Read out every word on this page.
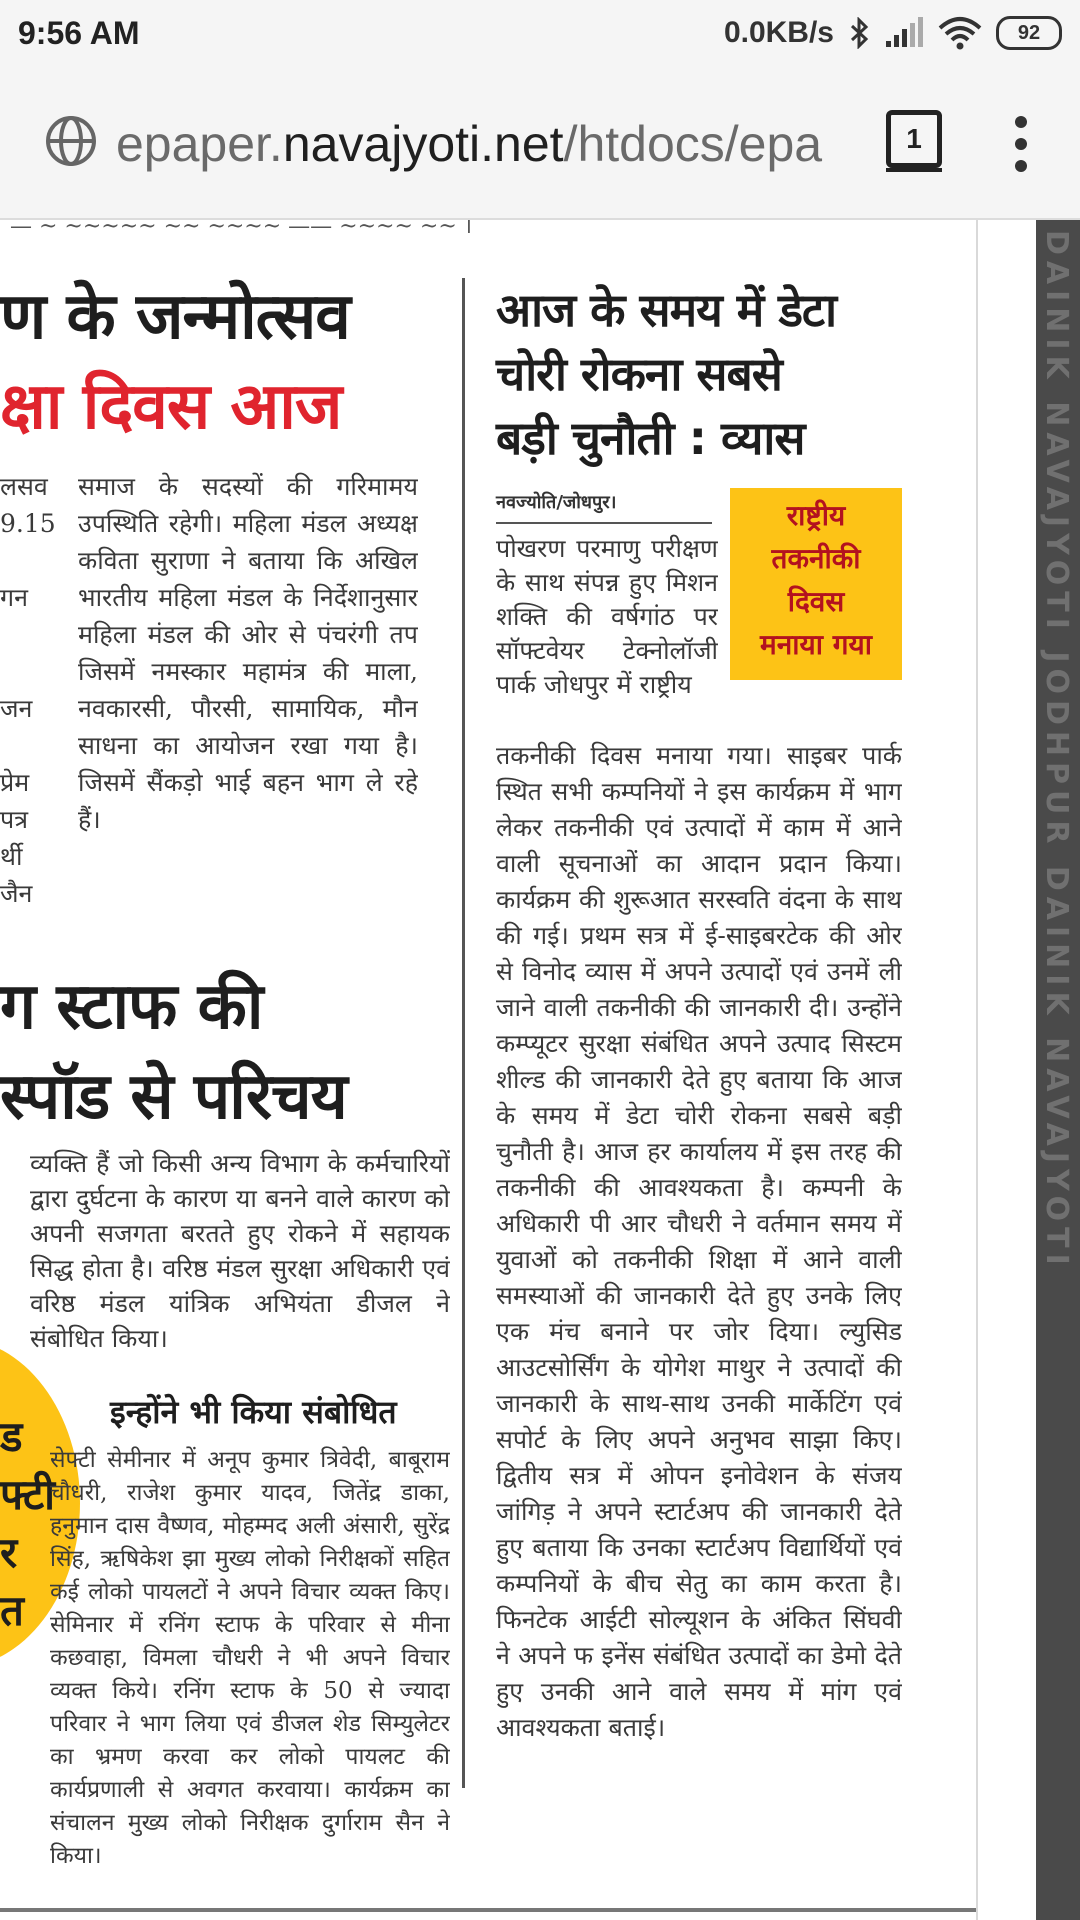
9:56 AM	0.0KB/s	92
epaper.navajyoti.net/htdocs/epa	1
— ~ ~~~~~ ~~ ~~~~ —— ~~~~ ~~ ।
ण के जन्मोत्सव
क्षा दिवस आज
लसव
9.15

गन

जन

प्रेम
पत्र
र्थी
जैन
समाज के सदस्यों की गरिमामय उपस्थिति रहेगी। महिला मंडल अध्यक्ष कविता सुराणा ने बताया कि अखिल भारतीय महिला मंडल के निर्देशानुसार महिला मंडल की ओर से पंचरंगी तप जिसमें नमस्कार महामंत्र की माला, नवकारसी, पौरसी, सामायिक, मौन साधना का आयोजन रखा गया है। जिसमें सैंकड़ो भाई बहन भाग ले रहे हैं।
ग स्टाफ की
स्पॉड से परिचय
व्यक्ति हैं जो किसी अन्य विभाग के कर्मचारियों द्वारा दुर्घटना के कारण या बनने वाले कारण को अपनी सजगता बरतते हुए रोकने में सहायक सिद्ध होता है। वरिष्ठ मंडल सुरक्षा अधिकारी एवं वरिष्ठ मंडल यांत्रिक अभियंता डीजल ने संबोधित किया।
ड
फ्टी
र
त
इन्होंने भी किया संबोधित
सेफ्टी सेमीनार में अनूप कुमार त्रिवेदी, बाबूराम चौधरी, राजेश कुमार यादव, जितेंद्र डाका, हनुमान दास वैष्णव, मोहम्मद अली अंसारी, सुरेंद्र सिंह, ऋषिकेश झा मुख्य लोको निरीक्षकों सहित कई लोको पायलटों ने अपने विचार व्यक्त किए। सेमिनार में रनिंग स्टाफ के परिवार से मीना कछवाहा, विमला चौधरी ने भी अपने विचार व्यक्त किये। रनिंग स्टाफ के 50 से ज्यादा परिवार ने भाग लिया एवं डीजल शेड सिम्युलेटर का भ्रमण करवा कर लोको पायलट की कार्यप्रणाली से अवगत करवाया। कार्यक्रम का संचालन मुख्य लोको निरीक्षक दुर्गाराम सैन ने किया।
आज के समय में डेटा
चोरी रोकना सबसे
बड़ी चुनौती : व्यास
नवज्योति/जोधपुर।	राष्ट्रीय
तकनीकी
दिवस
मनाया गया
पोखरण परमाणु परीक्षण के साथ संपन्न हुए मिशन शक्ति की वर्षगांठ पर सॉफ्टवेयर टेक्नोलॉजी पार्क जोधपुर में राष्ट्रीय
तकनीकी दिवस मनाया गया। साइबर पार्क स्थित सभी कम्पनियों ने इस कार्यक्रम में भाग लेकर तकनीकी एवं उत्पादों में काम में आने वाली सूचनाओं का आदान प्रदान किया। कार्यक्रम की शुरूआत सरस्वति वंदना के साथ की गई। प्रथम सत्र में ई-साइबरटेक की ओर से विनोद व्यास में अपने उत्पादों एवं उनमें ली जाने वाली तकनीकी की जानकारी दी। उन्होंने कम्प्यूटर सुरक्षा संबंधित अपने उत्पाद सिस्टम शील्ड की जानकारी देते हुए बताया कि आज के समय में डेटा चोरी रोकना सबसे बड़ी चुनौती है। आज हर कार्यालय में इस तरह की तकनीकी की आवश्यकता है। कम्पनी के अधिकारी पी आर चौधरी ने वर्तमान समय में युवाओं को तकनीकी शिक्षा में आने वाली समस्याओं की जानकारी देते हुए उनके लिए एक मंच बनाने पर जोर दिया। ल्युसिड आउटसोर्सिंग के योगेश माथुर ने उत्पादों की जानकारी के साथ-साथ उनकी मार्केटिंग एवं सपोर्ट के लिए अपने अनुभव साझा किए। द्वितीय सत्र में ओपन इनोवेशन के संजय जांगिड़ ने अपने स्टार्टअप की जानकारी देते हुए बताया कि उनका स्टार्टअप विद्यार्थियों एवं कम्पनियों के बीच सेतु का काम करता है। फिनटेक आईटी सोल्यूशन के अंकित सिंघवी ने अपने फ इनेंस संबंधित उत्पादों का डेमो देते हुए उनकी आने वाले समय में मांग एवं आवश्यकता बताई।
DAINIK NAVAJYOTI JODHPUR DAINIK NAVAJYOTI
